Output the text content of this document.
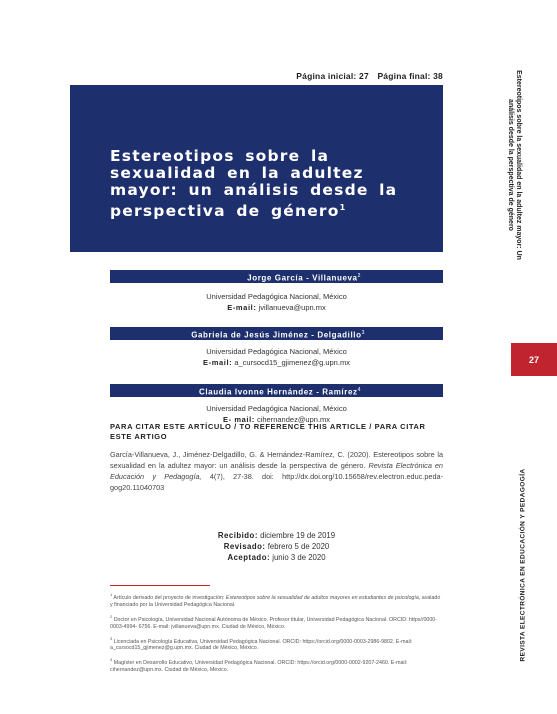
Página inicial: 27 Página final: 38
Estereotipos sobre la sexualidad en la adultez mayor: un análisis desde la perspectiva de género$^1$	Estereotipos sobre la sexualidad en la adultez mayor: Un análisis desde la perspectiva de género
27
REVISTA ELECTRÓNICA EN EDUCACIÓN Y PEDAGOGÍA
Jorge García - Villanueva$^2$
Universidad Pedagógica Nacional, México
E-mail: jvillanueva@upn.mx
Gabriela de Jesús Jiménez - Delgadillo$^3$
Universidad Pedagógica Nacional, México
E-mail: a_cursocd15_gjimenez@g.upn.mx
Claudia Ivonne Hernández - Ramírez$^4$
Universidad Pedagógica Nacional, México
E- mail: cihernandez@upn.mx
PARA CITAR ESTE ARTÍCULO / TO REFERENCE THIS ARTICLE / PARA CITAR ESTE ARTIGO
García-Villanueva, J., Jiménez-Delgadillo, G. & Hernández-Ramírez, C. (2020). Estereotipos sobre la sexualidad en la adultez mayor: un análisis desde la perspectiva de género. Revista Electrónica en Educación y Pedagogía, 4(7), 27-38. doi: http://dx.doi.org/10.15658/rev.electron.educ.peda-gog20.11040703
Recibido: diciembre 19 de 2019
Revisado: febrero 5 de 2020
Aceptado: junio 3 de 2020
$^1$ Artículo derivado del proyecto de investigación: Estereotipos sobre la sexualidad de adultos mayores en estudiantes de psicología, avalado y financiado por la Universidad Pedagógica Nacional.
$^2$ Doctor en Psicología, Universidad Nacional Autónoma de México. Profesor titular, Universidad Pedagógica Nacional. ORCID: https//0000-0003-4994- 6756. E-mail: jvillanueva@upn.mx. Ciudad de México, México.
$^3$ Licenciada en Psicología Educativa, Universidad Pedagógica Nacional. ORCID: https://orcid.org/0000-0003-2986-9802. E-mail: a_cursocd15_gjimenez@g.upn.mx. Ciudad de México, México.
$^4$ Magíster en Desarrollo Educativo, Universidad Pedagógica Nacional. ORCID: https://orcid.org/0000-0002-9207-2460. E-mail: cihernandez@upn.mx. Ciudad de México, México.
